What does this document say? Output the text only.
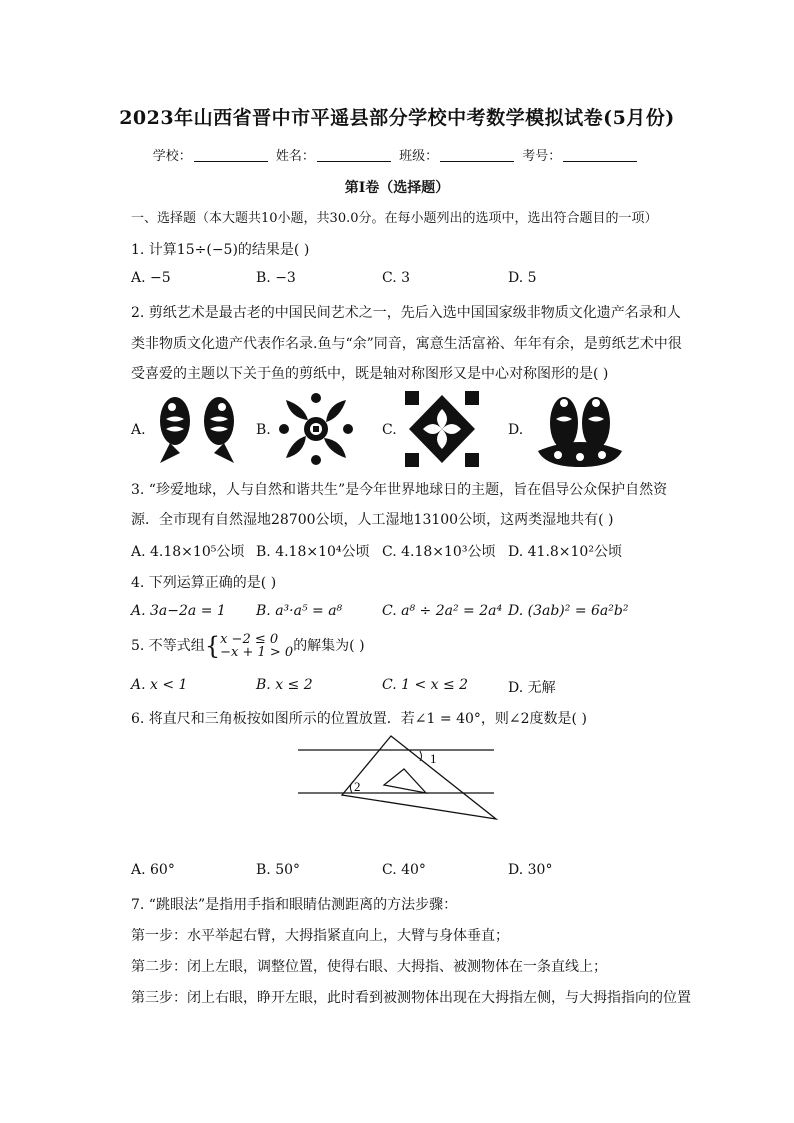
2023年山西省晋中市平遥县部分学校中考数学模拟试卷(5月份)
学校：	姓名：	班级：	考号：
第I卷（选择题）
一、选择题（本大题共10小题，共30.0分。在每小题列出的选项中，选出符合题目的一项）
1. 计算15÷(−5)的结果是( )
A. −5	B. −3	C. 3	D. 5
2. 剪纸艺术是最古老的中国民间艺术之一，先后入选中国国家级非物质文化遗产名录和人
类非物质文化遗产代表作名录.鱼与“余”同音，寓意生活富裕、年年有余，是剪纸艺术中很
受喜爱的主题以下关于鱼的剪纸中，既是轴对称图形又是中心对称图形的是( )
A.	B.	C.	D.
3. “珍爱地球，人与自然和谐共生”是今年世界地球日的主题，旨在倡导公众保护自然资
源．全市现有自然湿地28700公顷，人工湿地13100公顷，这两类湿地共有( )
A. 4.18×10⁵公顷 B. 4.18×10⁴公顷 C. 4.18×10³公顷 D. 41.8×10²公顷
4. 下列运算正确的是( )
A. 3a−2a = 1 B. a³·a⁵ = a⁸	C. a⁸ ÷ 2a² = 2a⁴ D. (3ab)² = 6a²b²
5. 不等式组{x −2 ≤ 0
−x + 1 > 0的解集为( )
A. x < 1	B. x ≤ 2	C. 1 < x ≤ 2	D. 无解
6. 将直尺和三角板按如图所示的位置放置．若∠1 = 40°，则∠2度数是( )
1
2
A. 60°	B. 50°	C. 40°	D. 30°
7. “跳眼法”是指用手指和眼睛估测距离的方法步骤：
第一步：水平举起右臂，大拇指紧直向上，大臂与身体垂直；
第二步：闭上左眼，调整位置，使得右眼、大拇指、被测物体在一条直线上；
第三步：闭上右眼，睁开左眼，此时看到被测物体出现在大拇指左侧，与大拇指指向的位置
